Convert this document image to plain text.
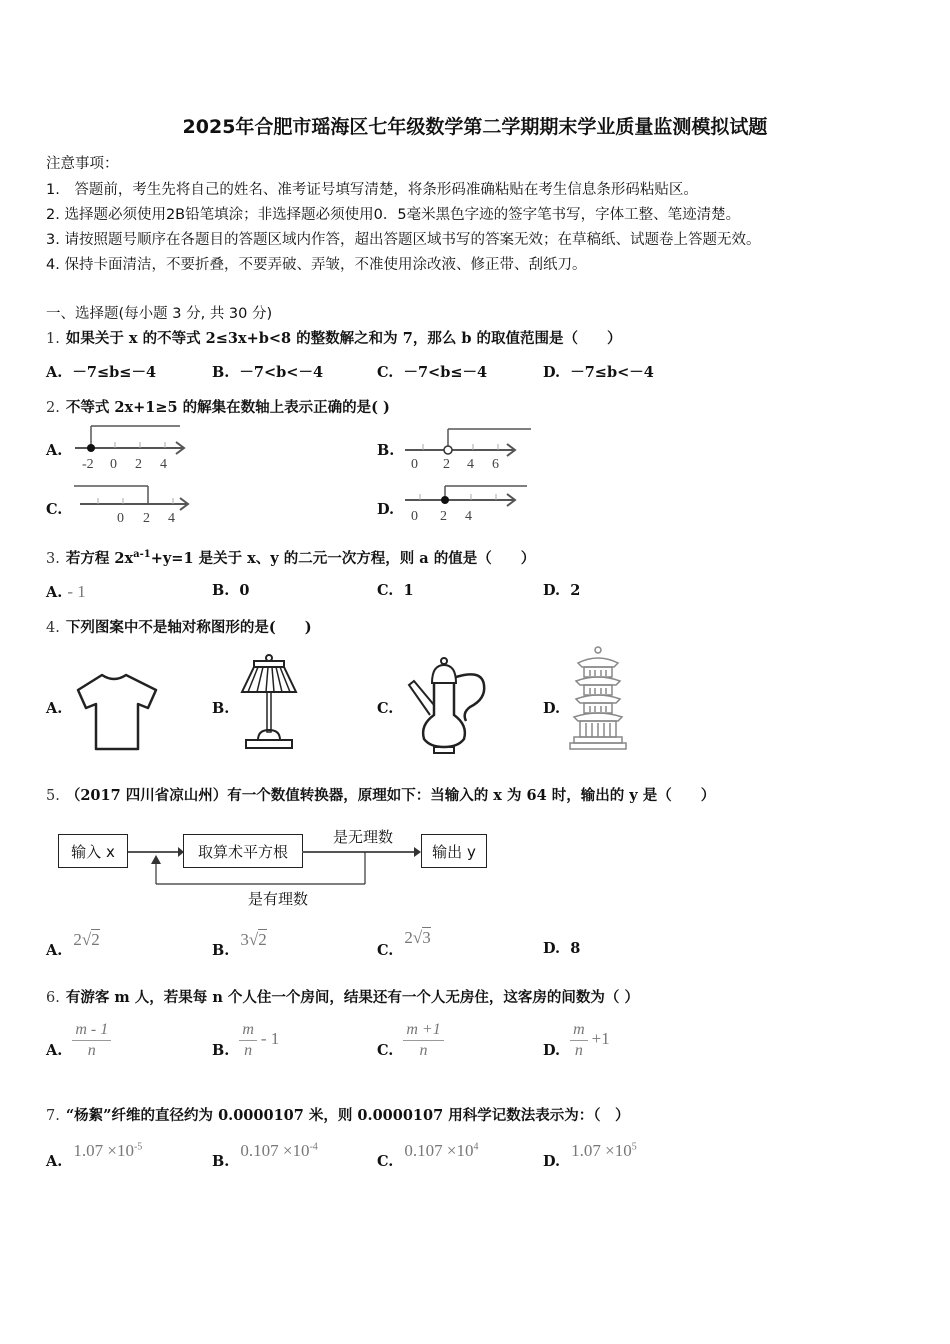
2025年合肥市瑶海区七年级数学第二学期期末学业质量监测模拟试题
注意事项：
1.　答题前，考生先将自己的姓名、准考证号填写清楚，将条形码准确粘贴在考生信息条形码粘贴区。
2. 选择题必须使用2B铅笔填涂；非选择题必须使用0．5毫米黑色字迹的签字笔书写，字体工整、笔迹清楚。
3. 请按照题号顺序在各题目的答题区域内作答，超出答题区域书写的答案无效；在草稿纸、试题卷上答题无效。
4. 保持卡面清洁，不要折叠，不要弄破、弄皱，不准使用涂改液、修正带、刮纸刀。
一、选择题(每小题 3 分, 共 30 分)
1. 如果关于 x 的不等式 2≤3x+b<8 的整数解之和为 7，那么 b 的取值范围是（　　）
A. －7≤b≤－4	B. －7<b<－4	C. －7<b≤－4	D. －7≤b<－4
2. 不等式 2x+1≥5 的解集在数轴上表示正确的是( )
A.
-2 0 2 4
B.
0 2 4 6
C.
0 2 4
D. 0 2 4
3. 若方程 $2x^{a-1}+y=1$ 是关于 x、y 的二元一次方程，则 a 的值是（　　）
A. - 1	B. 0	C. 1	D. 2
4. 下列图案中不是轴对称图形的是(　　)
A.	B.	C.	D.
5. （2017 四川省凉山州）有一个数值转换器，原理如下：当输入的 x 为 64 时，输出的 y 是（　　）
输入 x	取算术平方根	输出 y
是无理数
是有理数
A. 2√2
B. 3√2
C. 2√3
D. 8
6. 有游客 m 人，若果每 n 个人住一个房间，结果还有一个人无房住，这客房的间数为（ ）
A. $\frac{m - 1}{n}$	B. $\frac{m}{n} - 1$
C. $\frac{m +1}{n}$	D. $\frac{m}{n} +1$
7. “杨絮”纤维的直径约为 0.0000107 米，则 0.0000107 用科学记数法表示为：（　）
A. $1.07 \times 10^{-5}$
B. $0.107 \times 10^{-4}$
C. $0.107 \times 10^4$
D. $1.07 \times 10^5$
